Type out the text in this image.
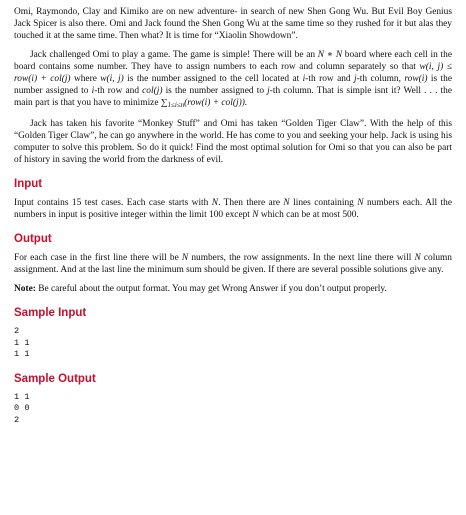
Omi, Raymondo, Clay and Kimiko are on new adventure- in search of new Shen Gong Wu. But Evil Boy Genius Jack Spicer is also there. Omi and Jack found the Shen Gong Wu at the same time so they rushed for it but alas they touched it at the same time. Then what? It is time for “Xiaolin Showdown”.

Jack challenged Omi to play a game. The game is simple! There will be an N ∗ N board where each cell in the board contains some number. They have to assign numbers to each row and column separately so that w(i, j) ≤ row(i) + col(j) where w(i, j) is the number assigned to the cell located at i-th row and j-th column, row(i) is the number assigned to i-th row and col(j) is the number assigned to j-th column. That is simple isnt it? Well . . . the main part is that you have to minimize $\sum_{1\le i\le n}(row(i) + col(j))$.

Jack has taken his favorite “Monkey Stuff” and Omi has taken “Golden Tiger Claw”. With the help of this “Golden Tiger Claw”, he can go anywhere in the world. He has come to you and seeking your help. Jack is using his computer to solve this problem. So do it quick! Find the most optimal solution for Omi so that you can also be part of history in saving the world from the darkness of evil.

Input

Input contains 15 test cases. Each case starts with N. Then there are N lines containing N numbers each. All the numbers in input is positive integer within the limit 100 except N which can be at most 500.

Output

For each case in the first line there will be N numbers, the row assignments. In the next line there will N column assignment. And at the last line the minimum sum should be given. If there are several possible solutions give any.

Note: Be careful about the output format. You may get Wrong Answer if you don’t output properly.

Sample Input
2
1 1
1 1
Sample Output
1 1
0 0
2
